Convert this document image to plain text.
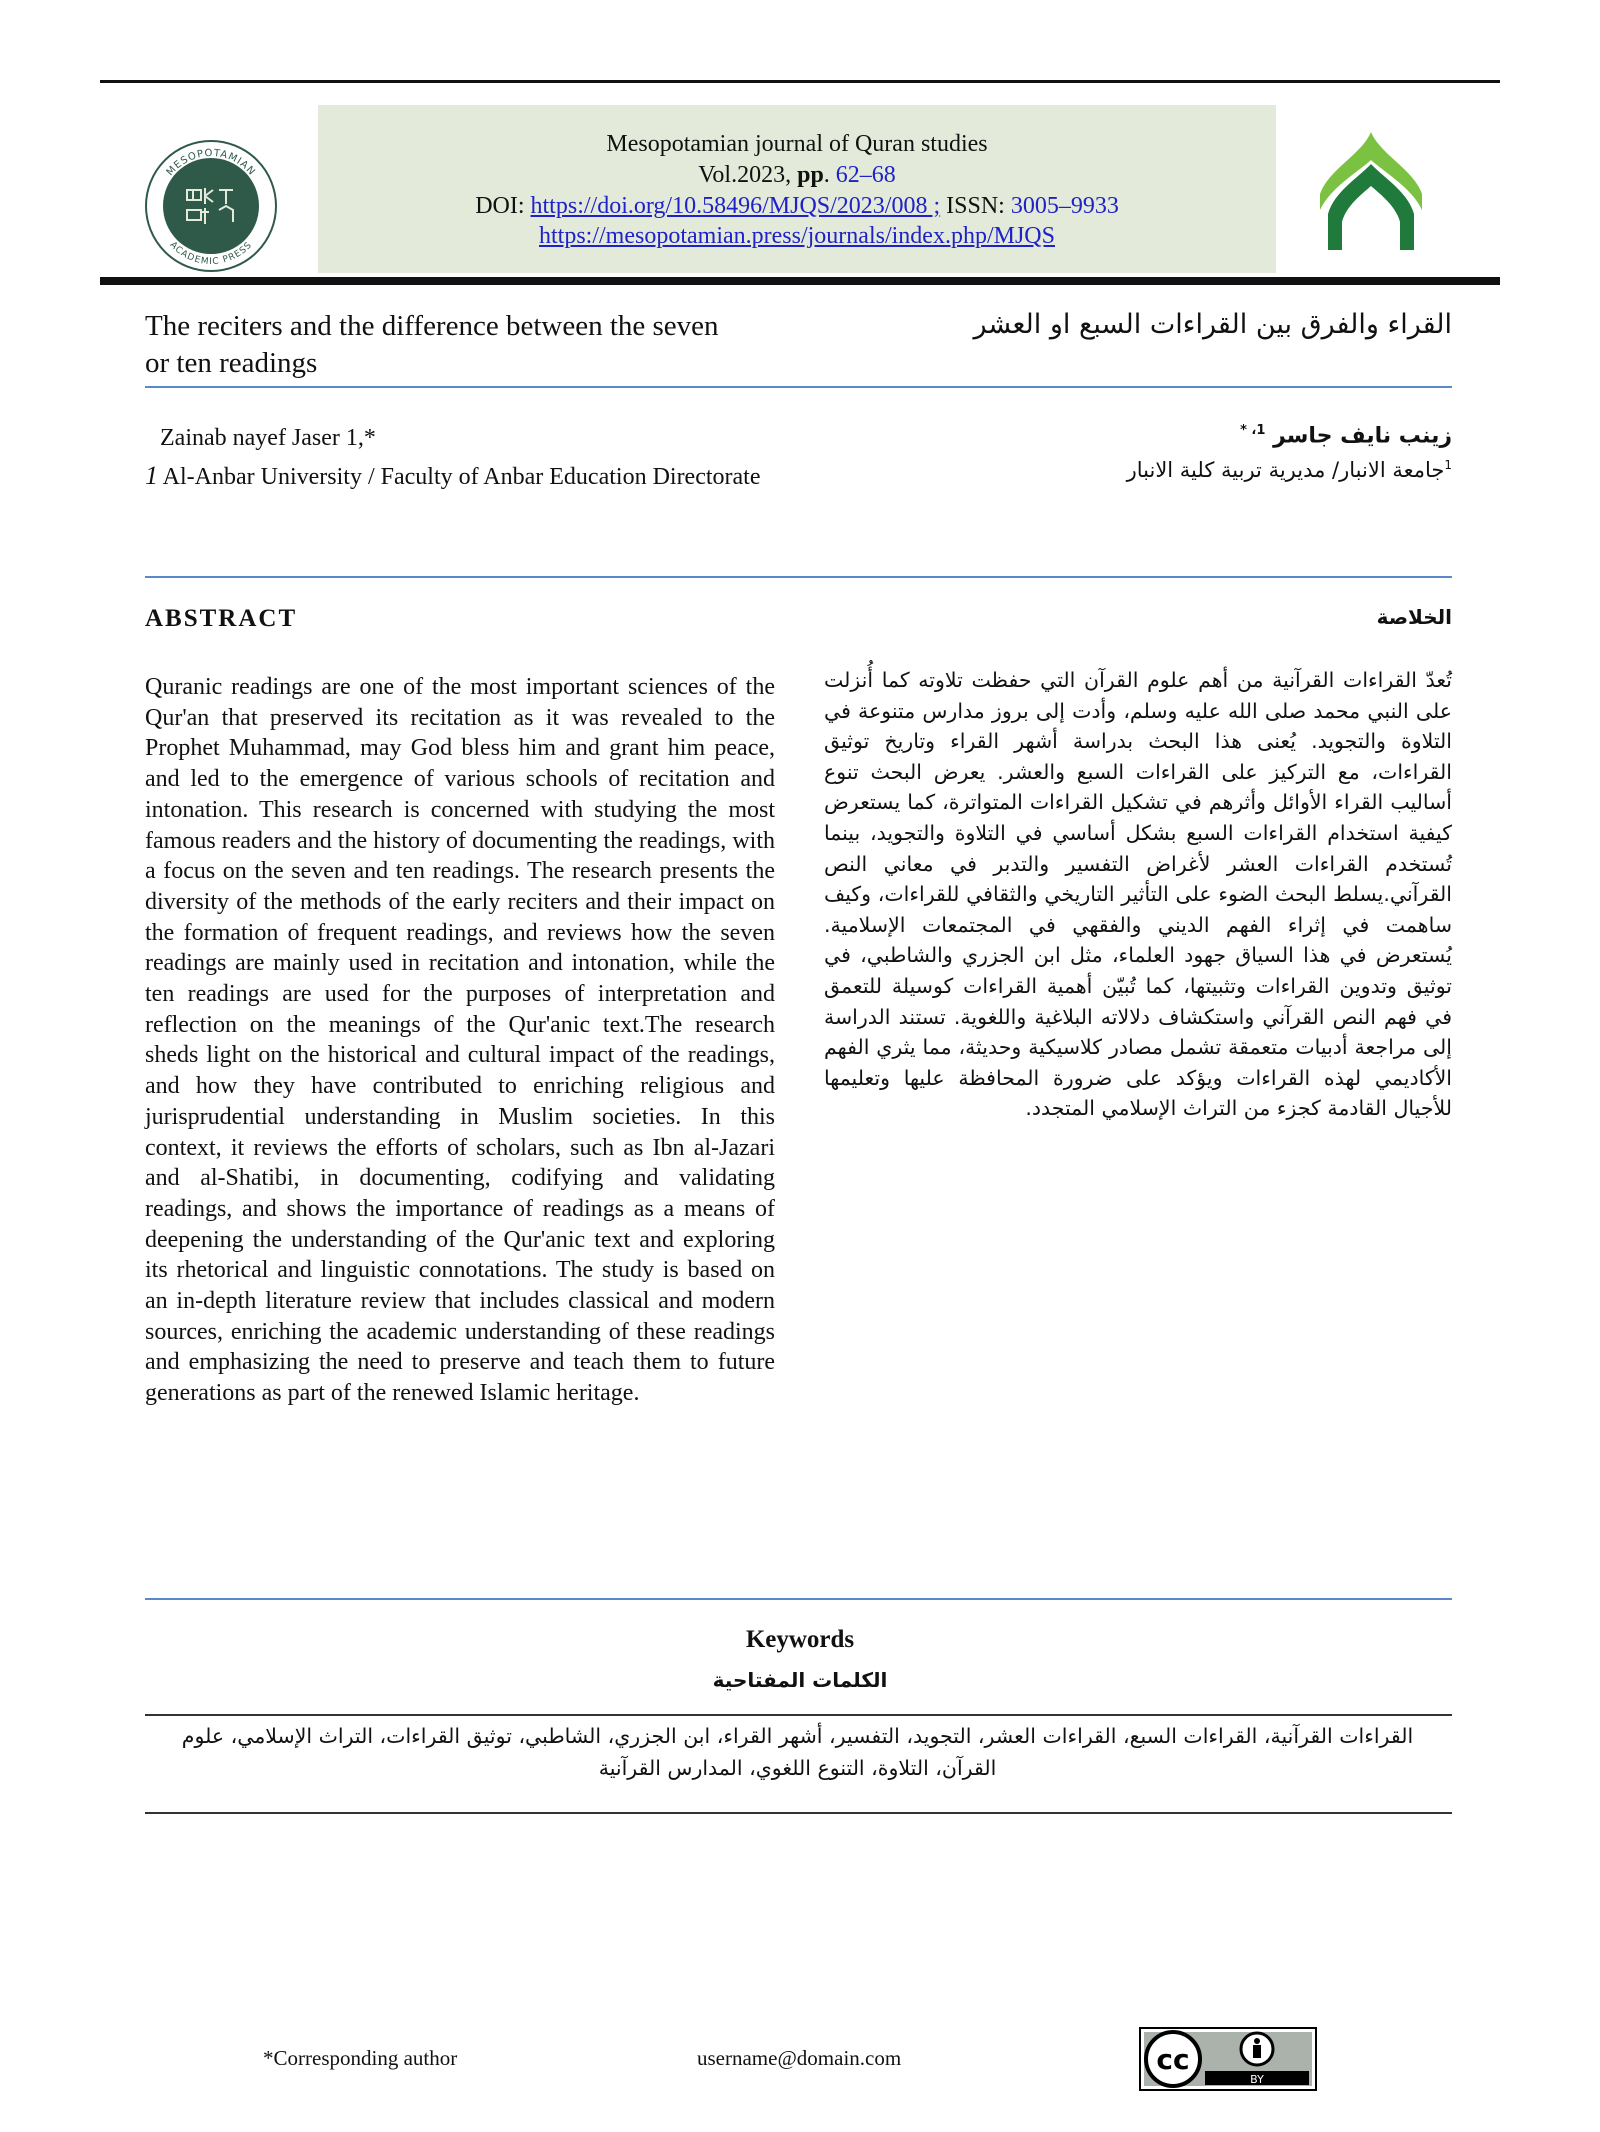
MESOPOTAMIAN
ACADEMIC PRESS
Mesopotamian journal of Quran studies
Vol.2023, pp. 62–68
DOI: https://doi.org/10.58496/MJQS/2023/008 ; ISSN: 3005–9933
https://mesopotamian.press/journals/index.php/MJQS
The reciters and the difference between the seven or ten readings
القراء والفرق بين القراءات السبع او العشر
Zainab nayef Jaser 1,*
1 Al-Anbar University / Faculty of Anbar Education Directorate
زينب نايف جاسر $^{1، *}$
$^1$جامعة الانبار/ مديرية تربية كلية الانبار
ABSTRACT	الخلاصة
Quranic readings are one of the most important sciences of the Qur'an that preserved its recitation as it was revealed to the Prophet Muhammad, may God bless him and grant him peace, and led to the emergence of various schools of recitation and intonation. This research is concerned with studying the most famous readers and the history of documenting the readings, with a focus on the seven and ten readings. The research presents the diversity of the methods of the early reciters and their impact on the formation of frequent readings, and reviews how the seven readings are mainly used in recitation and intonation, while the ten readings are used for the purposes of interpretation and reflection on the meanings of the Qur'anic text.The research sheds light on the historical and cultural impact of the readings, and how they have contributed to enriching religious and jurisprudential understanding in Muslim societies. In this context, it reviews the efforts of scholars, such as Ibn al-Jazari and al-Shatibi, in documenting, codifying and validating readings, and shows the importance of readings as a means of deepening the understanding of the Qur'anic text and exploring its rhetorical and linguistic connotations. The study is based on an in-depth literature review that includes classical and modern sources, enriching the academic understanding of these readings and emphasizing the need to preserve and teach them to future generations as part of the renewed Islamic heritage.
تُعدّ القراءات القرآنية من أهم علوم القرآن التي حفظت تلاوته كما أُنزلت على النبي محمد صلى الله عليه وسلم، وأدت إلى بروز مدارس متنوعة في التلاوة والتجويد. يُعنى هذا البحث بدراسة أشهر القراء وتاريخ توثيق القراءات، مع التركيز على القراءات السبع والعشر. يعرض البحث تنوع أساليب القراء الأوائل وأثرهم في تشكيل القراءات المتواترة، كما يستعرض كيفية استخدام القراءات السبع بشكل أساسي في التلاوة والتجويد، بينما تُستخدم القراءات العشر لأغراض التفسير والتدبر في معاني النص القرآني.يسلط البحث الضوء على التأثير التاريخي والثقافي للقراءات، وكيف ساهمت في إثراء الفهم الديني والفقهي في المجتمعات الإسلامية. يُستعرض في هذا السياق جهود العلماء، مثل ابن الجزري والشاطبي، في توثيق وتدوين القراءات وتثبيتها، كما تُبيّن أهمية القراءات كوسيلة للتعمق في فهم النص القرآني واستكشاف دلالاته البلاغية واللغوية. تستند الدراسة إلى مراجعة أدبيات متعمقة تشمل مصادر كلاسيكية وحديثة، مما يثري الفهم الأكاديمي لهذه القراءات ويؤكد على ضرورة المحافظة عليها وتعليمها للأجيال القادمة كجزء من التراث الإسلامي المتجدد.
Keywords
الكلمات المفتاحية
القراءات القرآنية، القراءات السبع، القراءات العشر، التجويد، التفسير، أشهر القراء، ابن الجزري، الشاطبي، توثيق القراءات، التراث الإسلامي، علوم القرآن، التلاوة، التنوع اللغوي، المدارس القرآنية
*Corresponding author	username@domain.com	cc
BY
